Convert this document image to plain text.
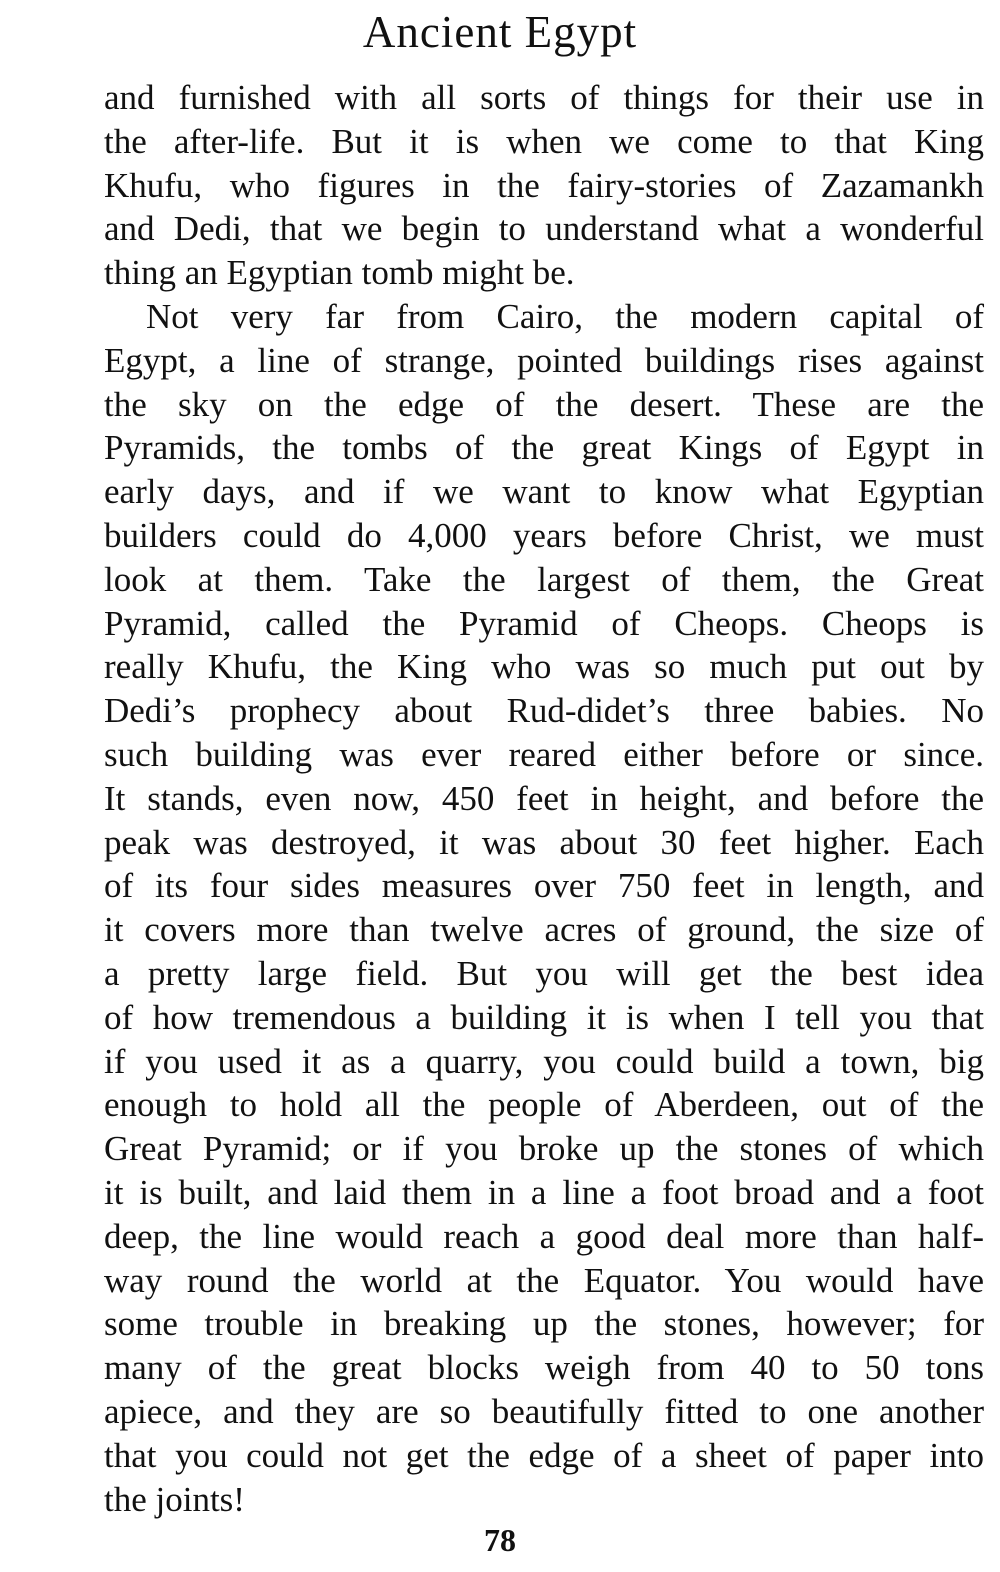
Ancient Egypt
and furnished with all sorts of things for their use in
the after-life. But it is when we come to that King
Khufu, who figures in the fairy-stories of Zazamankh
and Dedi, that we begin to understand what a wonderful
thing an Egyptian tomb might be.
Not very far from Cairo, the modern capital of
Egypt, a line of strange, pointed buildings rises against
the sky on the edge of the desert. These are the
Pyramids, the tombs of the great Kings of Egypt in
early days, and if we want to know what Egyptian
builders could do 4,000 years before Christ, we must
look at them. Take the largest of them, the Great
Pyramid, called the Pyramid of Cheops. Cheops is
really Khufu, the King who was so much put out by
Dedi’s prophecy about Rud-didet’s three babies. No
such building was ever reared either before or since.
It stands, even now, 450 feet in height, and before the
peak was destroyed, it was about 30 feet higher. Each
of its four sides measures over 750 feet in length, and
it covers more than twelve acres of ground, the size of
a pretty large field. But you will get the best idea
of how tremendous a building it is when I tell you that
if you used it as a quarry, you could build a town, big
enough to hold all the people of Aberdeen, out of the
Great Pyramid; or if you broke up the stones of which
it is built, and laid them in a line a foot broad and a foot
deep, the line would reach a good deal more than half-
way round the world at the Equator. You would have
some trouble in breaking up the stones, however; for
many of the great blocks weigh from 40 to 50 tons
apiece, and they are so beautifully fitted to one another
that you could not get the edge of a sheet of paper into
the joints!
78
